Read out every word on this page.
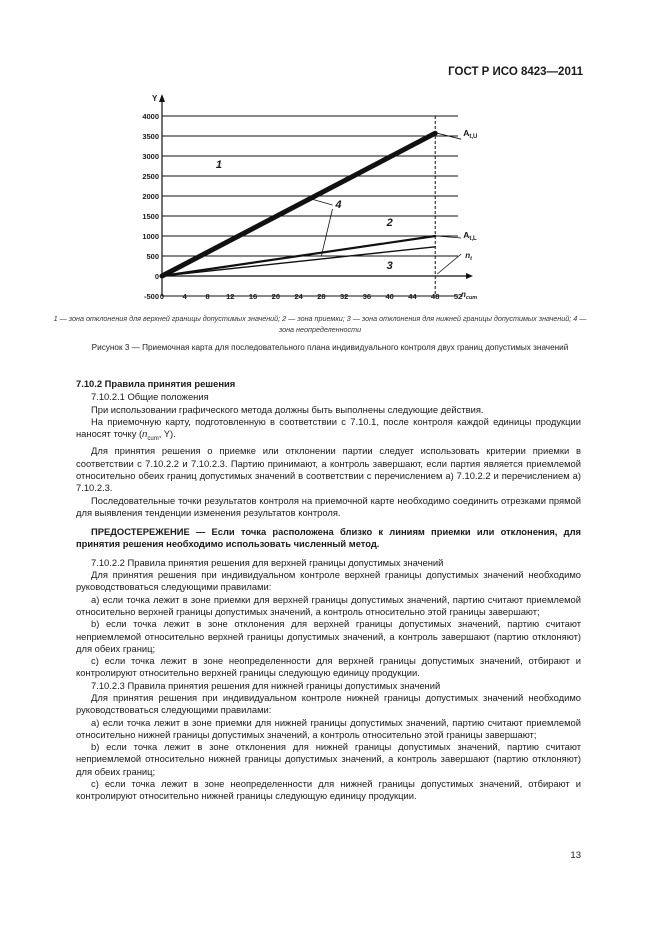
ГОСТ Р ИСО 8423—2011
-500
0
500
1000
1500
2000
2500
3000
3500
4000
0 4 8 12 16 20 24 28 32 36 40 44 48 52
Y
$n_{cum}$
$A_{t,U}$
$A_{t,L}$
$n_t$
1
2
3
4
1 — зона отклонения для верхней границы допустимых значений; 2 — зона приемки; 3 — зона отклонения для нижней границы допустимых значений; 4 — зона неопределенности
Рисунок 3 — Приемочная карта для последовательного плана индивидуального контроля двух границ допустимых значений

7.10.2 Правила принятия решения

7.10.2.1 Общие положения

При использовании графического метода должны быть выполнены следующие действия.

На приемочную карту, подготовленную в соответствии с 7.10.1, после контроля каждой единицы продукции наносят точку ($n_{cum}$, Y).

Для принятия решения о приемке или отклонении партии следует использовать критерии приемки в соответствии с 7.10.2.2 и 7.10.2.3. Партию принимают, а контроль завершают, если партия является приемлемой относительно обеих границ допустимых значений в соответствии с перечислением а) 7.10.2.2 и перечислением а) 7.10.2.3.

Последовательные точки результатов контроля на приемочной карте необходимо соединить отрезками прямой для выявления тенденции изменения результатов контроля.

ПРЕДОСТЕРЕЖЕНИЕ — Если точка расположена близко к линиям приемки или отклонения, для принятия решения необходимо использовать численный метод.

7.10.2.2 Правила принятия решения для верхней границы допустимых значений

Для принятия решения при индивидуальном контроле верхней границы допустимых значений необходимо руководствоваться следующими правилами:

а) если точка лежит в зоне приемки для верхней границы допустимых значений, партию считают приемлемой относительно верхней границы допустимых значений, а контроль относительно этой границы завершают;

b) если точка лежит в зоне отклонения для верхней границы допустимых значений, партию считают неприемлемой относительно верхней границы допустимых значений, а контроль завершают (партию отклоняют) для обеих границ;

с) если точка лежит в зоне неопределенности для верхней границы допустимых значений, отбирают и контролируют относительно верхней границы следующую единицу продукции.

7.10.2.3 Правила принятия решения для нижней границы допустимых значений

Для принятия решения при индивидуальном контроле нижней границы допустимых значений необходимо руководствоваться следующими правилами:

а) если точка лежит в зоне приемки для нижней границы допустимых значений, партию считают приемлемой относительно нижней границы допустимых значений, а контроль относительно этой границы завершают;

b) если точка лежит в зоне отклонения для нижней границы допустимых значений, партию считают неприемлемой относительно нижней границы допустимых значений, а контроль завершают (партию отклоняют) для обеих границ;

с) если точка лежит в зоне неопределенности для нижней границы допустимых значений, отбирают и контролируют относительно нижней границы следующую единицу продукции.

13
